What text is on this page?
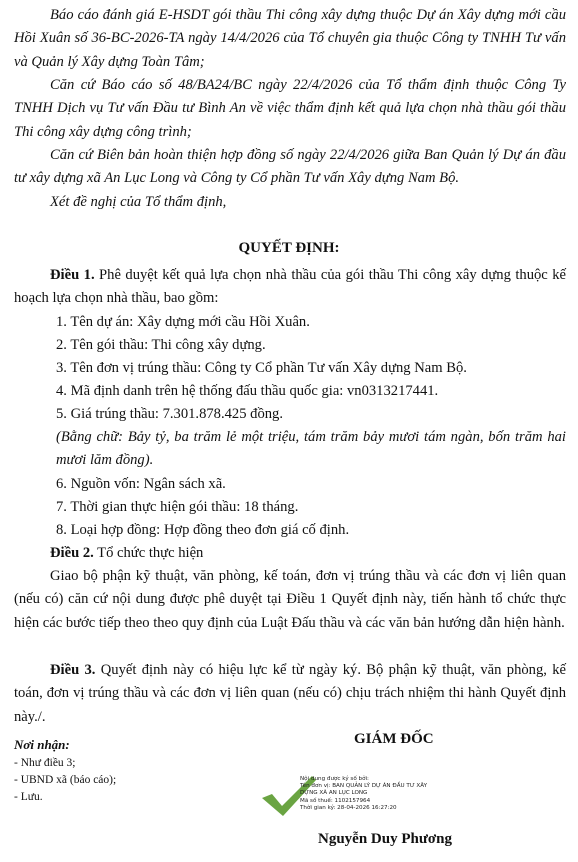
Báo cáo đánh giá E-HSDT gói thầu Thi công xây dựng thuộc Dự án Xây dựng mới cầu Hồi Xuân số 36-BC-2026-TA ngày 14/4/2026 của Tổ chuyên gia thuộc Công ty TNHH Tư vấn và Quản lý Xây dựng Toàn Tâm;
Căn cứ Báo cáo số 48/BA24/BC ngày 22/4/2026 của Tổ thẩm định thuộc Công Ty TNHH Dịch vụ Tư vấn Đầu tư Bình An về việc thẩm định kết quả lựa chọn nhà thầu gói thầu Thi công xây dựng công trình;
Căn cứ Biên bản hoàn thiện hợp đồng số ngày 22/4/2026 giữa Ban Quản lý Dự án đầu tư xây dựng xã An Lục Long và Công ty Cổ phần Tư vấn Xây dựng Nam Bộ.
Xét đề nghị của Tổ thẩm định,
QUYẾT ĐỊNH:
Điều 1. Phê duyệt kết quả lựa chọn nhà thầu của gói thầu Thi công xây dựng thuộc kế hoạch lựa chọn nhà thầu, bao gồm:
1. Tên dự án: Xây dựng mới cầu Hồi Xuân.
2. Tên gói thầu: Thi công xây dựng.
3. Tên đơn vị trúng thầu: Công ty Cổ phần Tư vấn Xây dựng Nam Bộ.
4. Mã định danh trên hệ thống đấu thầu quốc gia: vn0313217441.
5. Giá trúng thầu: 7.301.878.425 đồng.
(Bằng chữ: Bảy tỷ, ba trăm lẻ một triệu, tám trăm bảy mươi tám ngàn, bốn trăm hai mươi lăm đồng).
6. Nguồn vốn: Ngân sách xã.
7. Thời gian thực hiện gói thầu: 18 tháng.
8. Loại hợp đồng: Hợp đồng theo đơn giá cố định.
Điều 2. Tổ chức thực hiện
Giao bộ phận kỹ thuật, văn phòng, kế toán, đơn vị trúng thầu và các đơn vị liên quan (nếu có) căn cứ nội dung được phê duyệt tại Điều 1 Quyết định này, tiến hành tổ chức thực hiện các bước tiếp theo theo quy định của Luật Đấu thầu và các văn bản hướng dẫn hiện hành.
Điều 3. Quyết định này có hiệu lực kể từ ngày ký. Bộ phận kỹ thuật, văn phòng, kế toán, đơn vị trúng thầu và các đơn vị liên quan (nếu có) chịu trách nhiệm thi hành Quyết định này./.
Nơi nhận:
- Như điều 3;
- UBND xã (báo cáo);
- Lưu.
GIÁM ĐỐC
Nội dung được ký số bởi:
Tên đơn vị: BAN QUẢN LÝ DỰ ÁN ĐẦU TƯ XÂY
DỰNG XÃ AN LỤC LONG
Mã số thuế: 1102157964
Thời gian ký: 28-04-2026 16:27:20
Nguyễn Duy Phương
